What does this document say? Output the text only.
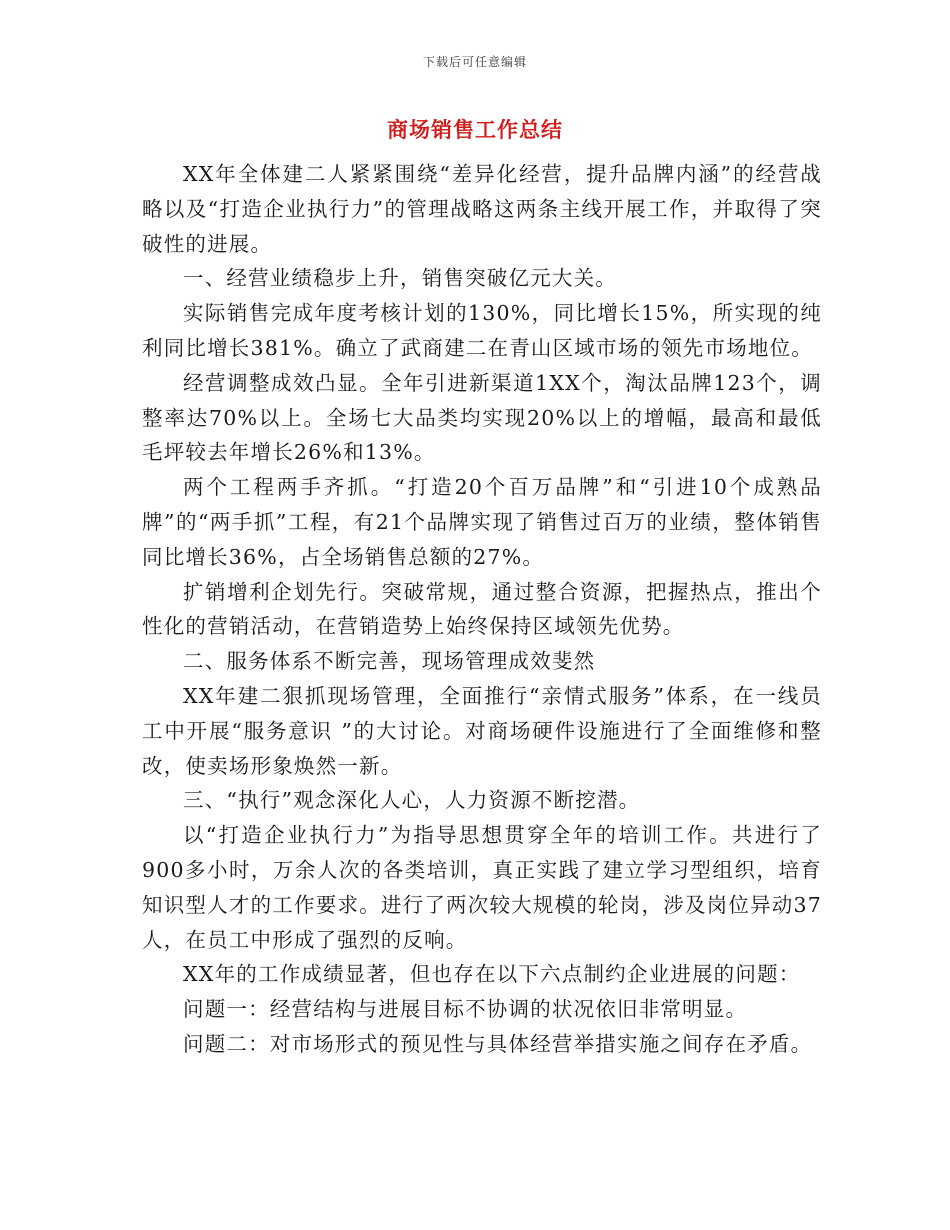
下载后可任意编辑
商场销售工作总结

XX年全体建二人紧紧围绕“差异化经营，提升品牌内涵”的经营战略以及“打造企业执行力”的管理战略这两条主线开展工作，并取得了突破性的进展。

一、经营业绩稳步上升，销售突破亿元大关。

实际销售完成年度考核计划的130%，同比增长15%，所实现的纯利同比增长381%。确立了武商建二在青山区域市场的领先市场地位。

经营调整成效凸显。全年引进新渠道1XX个，淘汰品牌123个，调整率达70%以上。全场七大品类均实现20%以上的增幅，最高和最低毛坪较去年增长26%和13%。

两个工程两手齐抓。“打造20个百万品牌”和“引进10个成熟品牌”的“两手抓”工程，有21个品牌实现了销售过百万的业绩，整体销售同比增长36%，占全场销售总额的27%。

扩销增利企划先行。突破常规，通过整合资源，把握热点，推出个性化的营销活动，在营销造势上始终保持区域领先优势。

二、服务体系不断完善，现场管理成效斐然

XX年建二狠抓现场管理，全面推行“亲情式服务”体系，在一线员工中开展“服务意识 ”的大讨论。对商场硬件设施进行了全面维修和整改，使卖场形象焕然一新。

三、“执行”观念深化人心，人力资源不断挖潜。

以“打造企业执行力”为指导思想贯穿全年的培训工作。共进行了900多小时，万余人次的各类培训，真正实践了建立学习型组织，培育知识型人才的工作要求。进行了两次较大规模的轮岗，涉及岗位异动37人，在员工中形成了强烈的反响。

XX年的工作成绩显著，但也存在以下六点制约企业进展的问题：

问题一：经营结构与进展目标不协调的状况依旧非常明显。

问题二：对市场形式的预见性与具体经营举措实施之间存在矛盾。
